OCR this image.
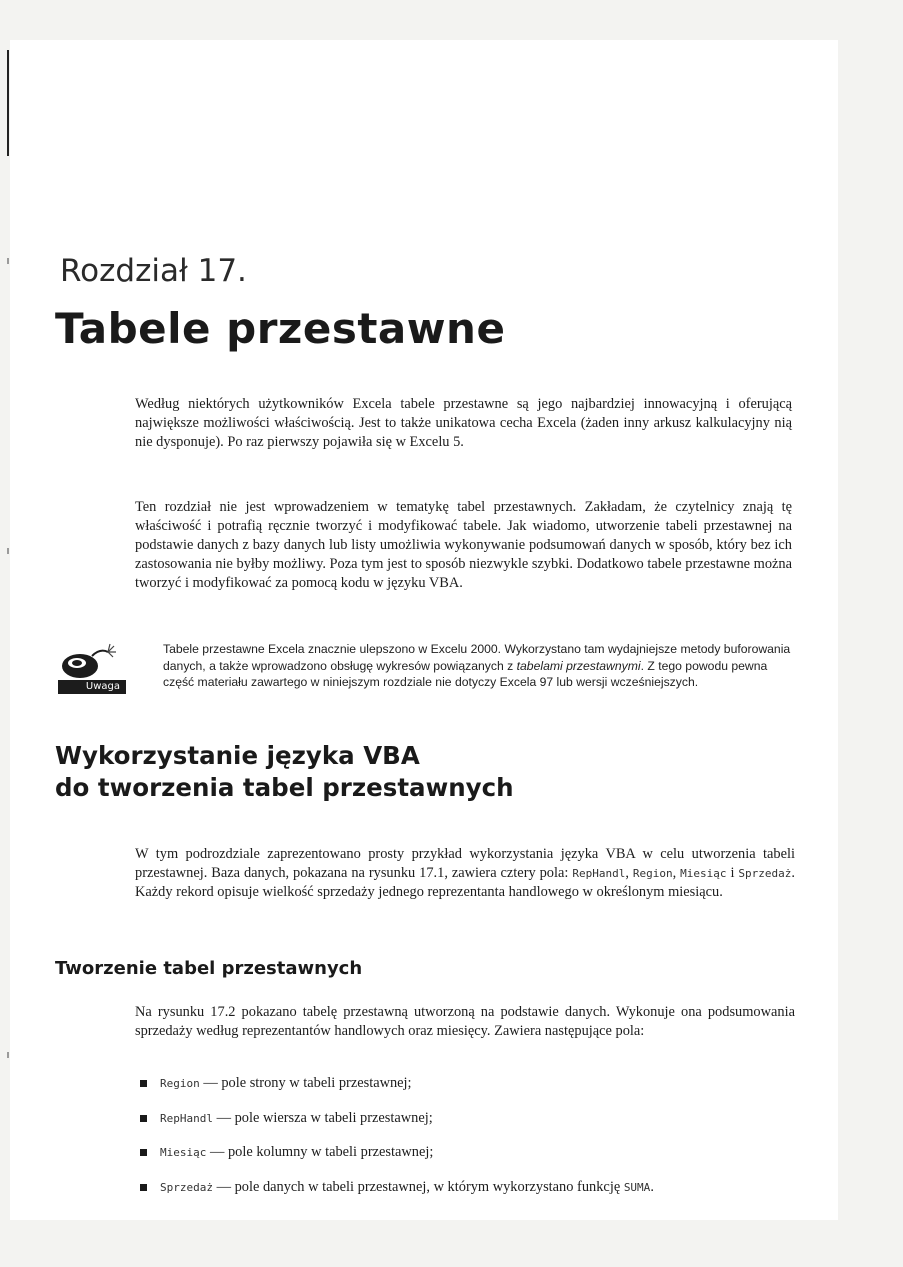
Rozdział 17.
Tabele przestawne

Według niektórych użytkowników Excela tabele przestawne są jego najbardziej innowacyjną i oferującą największe możliwości właściwością. Jest to także unikatowa cecha Excela (żaden inny arkusz kalkulacyjny nią nie dysponuje). Po raz pierwszy pojawiła się w Excelu 5.

Ten rozdział nie jest wprowadzeniem w tematykę tabel przestawnych. Zakładam, że czytelnicy znają tę właściwość i potrafią ręcznie tworzyć i modyfikować tabele. Jak wiadomo, utworzenie tabeli przestawnej na podstawie danych z bazy danych lub listy umożliwia wykonywanie podsumowań danych w sposób, który bez ich zastosowania nie byłby możliwy. Poza tym jest to sposób niezwykle szybki. Dodatkowo tabele przestawne można tworzyć i modyfikować za pomocą kodu w języku VBA.

Uwaga

Tabele przestawne Excela znacznie ulepszono w Excelu 2000. Wykorzystano tam wydajniejsze metody buforowania danych, a także wprowadzono obsługę wykresów powiązanych z tabelami przestawnymi. Z tego powodu pewna część materiału zawartego w niniejszym rozdziale nie dotyczy Excela 97 lub wersji wcześniejszych.

Wykorzystanie języka VBA
do tworzenia tabel przestawnych

W tym podrozdziale zaprezentowano prosty przykład wykorzystania języka VBA w celu utworzenia tabeli przestawnej. Baza danych, pokazana na rysunku 17.1, zawiera cztery pola: RepHandl, Region, Miesiąc i Sprzedaż. Każdy rekord opisuje wielkość sprzedaży jednego reprezentanta handlowego w określonym miesiącu.

Tworzenie tabel przestawnych

Na rysunku 17.2 pokazano tabelę przestawną utworzoną na podstawie danych. Wykonuje ona podsumowania sprzedaży według reprezentantów handlowych oraz miesięcy. Zawiera następujące pola:

Region — pole strony w tabeli przestawnej;
RepHandl — pole wiersza w tabeli przestawnej;
Miesiąc — pole kolumny w tabeli przestawnej;
Sprzedaż — pole danych w tabeli przestawnej, w którym wykorzystano funkcję SUMA.
